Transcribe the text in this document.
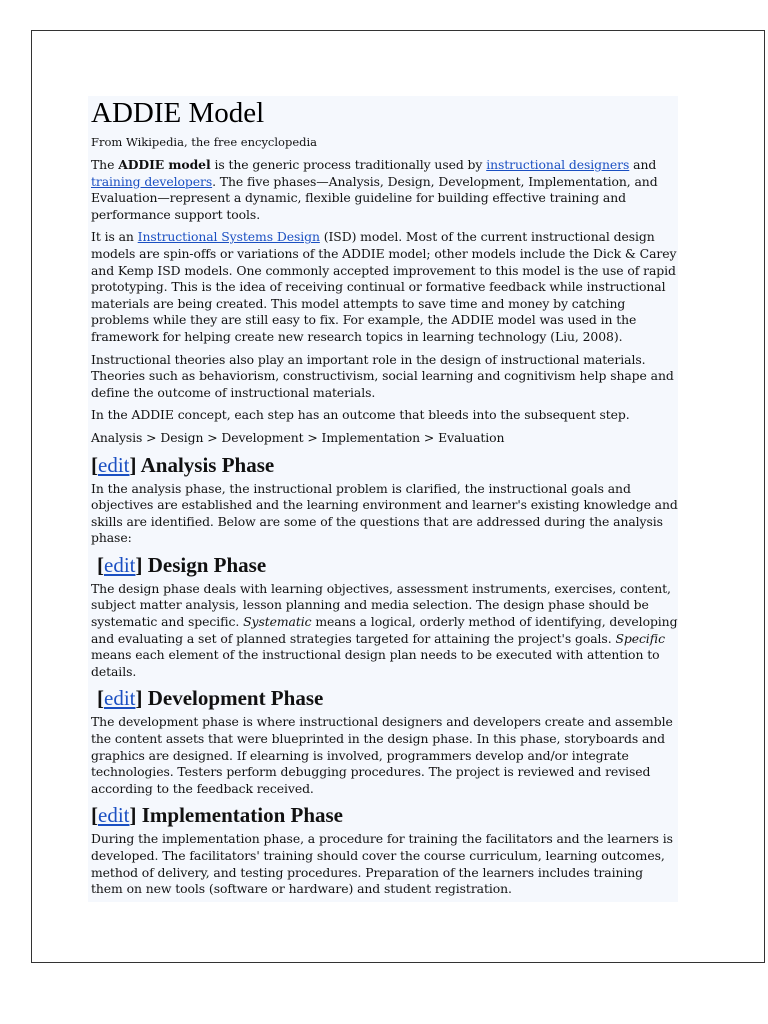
ADDIE Model
From Wikipedia, the free encyclopedia

The ADDIE model is the generic process traditionally used by instructional designers and training developers. The five phases—Analysis, Design, Development, Implementation, and Evaluation—represent a dynamic, flexible guideline for building effective training and performance support tools.

It is an Instructional Systems Design (ISD) model. Most of the current instructional design models are spin-offs or variations of the ADDIE model; other models include the Dick & Carey and Kemp ISD models. One commonly accepted improvement to this model is the use of rapid prototyping. This is the idea of receiving continual or formative feedback while instructional materials are being created. This model attempts to save time and money by catching problems while they are still easy to fix. For example, the ADDIE model was used in the framework for helping create new research topics in learning technology (Liu, 2008).

Instructional theories also play an important role in the design of instructional materials. Theories such as behaviorism, constructivism, social learning and cognitivism help shape and define the outcome of instructional materials.

In the ADDIE concept, each step has an outcome that bleeds into the subsequent step.

Analysis > Design > Development > Implementation > Evaluation

[edit] Analysis Phase

In the analysis phase, the instructional problem is clarified, the instructional goals and objectives are established and the learning environment and learner's existing knowledge and skills are identified. Below are some of the questions that are addressed during the analysis phase:

[edit] Design Phase

The design phase deals with learning objectives, assessment instruments, exercises, content, subject matter analysis, lesson planning and media selection. The design phase should be systematic and specific. Systematic means a logical, orderly method of identifying, developing and evaluating a set of planned strategies targeted for attaining the project's goals. Specific means each element of the instructional design plan needs to be executed with attention to details.

[edit] Development Phase

The development phase is where instructional designers and developers create and assemble the content assets that were blueprinted in the design phase. In this phase, storyboards and graphics are designed. If elearning is involved, programmers develop and/or integrate technologies. Testers perform debugging procedures. The project is reviewed and revised according to the feedback received.

[edit] Implementation Phase

During the implementation phase, a procedure for training the facilitators and the learners is developed. The facilitators' training should cover the course curriculum, learning outcomes, method of delivery, and testing procedures. Preparation of the learners includes training them on new tools (software or hardware) and student registration.
